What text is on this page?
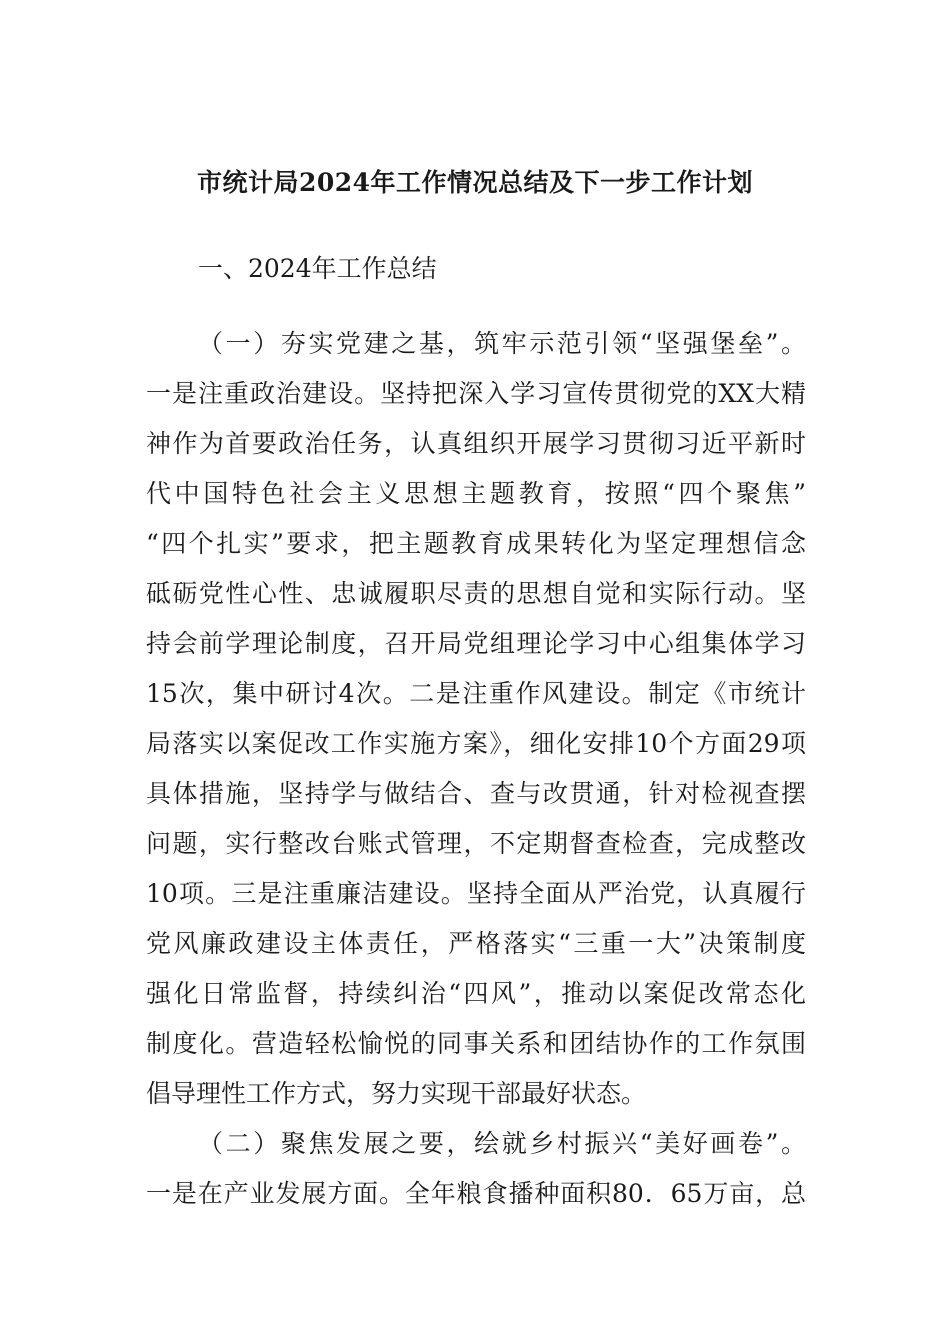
市统计局2024年工作情况总结及下一步工作计划

一、2024年工作总结

（一）夯实党建之基，筑牢示范引领“坚强堡垒”。

一是注重政治建设。坚持把深入学习宣传贯彻党的XX大精

神作为首要政治任务，认真组织开展学习贯彻习近平新时

代中国特色社会主义思想主题教育，按照“四个聚焦”

“四个扎实”要求，把主题教育成果转化为坚定理想信念

砥砺党性心性、忠诚履职尽责的思想自觉和实际行动。坚

持会前学理论制度，召开局党组理论学习中心组集体学习

15次，集中研讨4次。二是注重作风建设。制定《市统计

局落实以案促改工作实施方案》，细化安排10个方面29项

具体措施，坚持学与做结合、查与改贯通，针对检视查摆

问题，实行整改台账式管理，不定期督查检查，完成整改

10项。三是注重廉洁建设。坚持全面从严治党，认真履行

党风廉政建设主体责任，严格落实“三重一大”决策制度

强化日常监督，持续纠治“四风”，推动以案促改常态化

制度化。营造轻松愉悦的同事关系和团结协作的工作氛围

倡导理性工作方式，努力实现干部最好状态。

（二）聚焦发展之要，绘就乡村振兴“美好画卷”。

一是在产业发展方面。全年粮食播种面积80．65万亩，总
